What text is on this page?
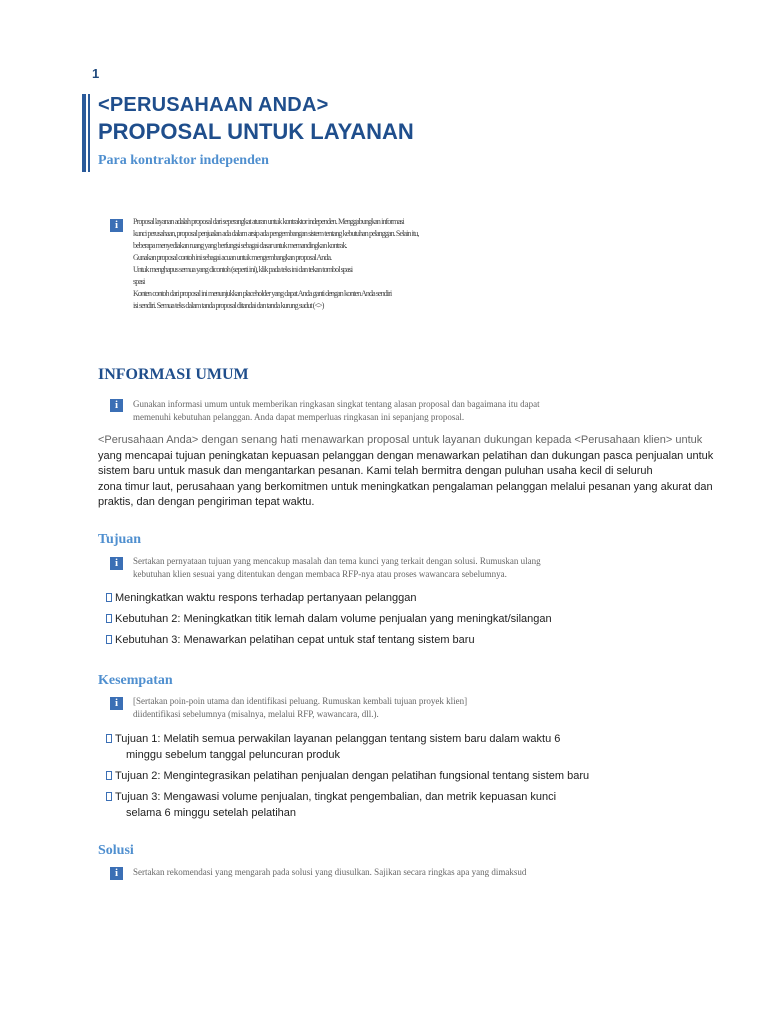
1
<PERUSAHAAN ANDA>
PROPOSAL UNTUK LAYANAN
Para kontraktor independen
i	Proposal layanan adalah proposal dari seperangkat aturan untuk kontraktor independen. Menggabungkan informasi
kunci perusahaan, proposal penjualan ada dalam arsip ada pengembangan sistem tentang kebutuhan pelanggan. Selain itu,
beberapa menyediakan ruang yang berfungsi sebagai dasar untuk memandingkan kontrak.
Gunakan proposal contoh ini sebagai acuan untuk mengembangkan proposal Anda.
Untuk menghapus semua yang dicontoh (seperti ini), klik pada teks ini dan tekan tombol spasi
spasi
Konten contoh dari proposal ini menunjukkan placeholder yang dapat Anda ganti dengan konten Anda sendiri
isi sendiri. Semua teks dalam tanda proposal ditandai dan tanda kurung sudut (<>)
INFORMASI UMUM
i	Gunakan informasi umum untuk memberikan ringkasan singkat tentang alasan proposal dan bagaimana itu dapat
memenuhi kebutuhan pelanggan. Anda dapat memperluas ringkasan ini sepanjang proposal.
<Perusahaan Anda> dengan senang hati menawarkan proposal untuk layanan dukungan kepada <Perusahaan klien> untuk
yang mencapai tujuan peningkatan kepuasan pelanggan dengan menawarkan pelatihan dan dukungan pasca penjualan untuk
sistem baru untuk masuk dan mengantarkan pesanan. Kami telah bermitra dengan puluhan usaha kecil di seluruh
zona timur laut, perusahaan yang berkomitmen untuk meningkatkan pengalaman pelanggan melalui pesanan yang akurat dan
praktis, dan dengan pengiriman tepat waktu.
Tujuan
i	Sertakan pernyataan tujuan yang mencakup masalah dan tema kunci yang terkait dengan solusi. Rumuskan ulang
kebutuhan klien sesuai yang ditentukan dengan membaca RFP-nya atau proses wawancara sebelumnya.
Meningkatkan waktu respons terhadap pertanyaan pelanggan
Kebutuhan 2: Meningkatkan titik lemah dalam volume penjualan yang meningkat/silangan
Kebutuhan 3: Menawarkan pelatihan cepat untuk staf tentang sistem baru
Kesempatan
i	[Sertakan poin-poin utama dan identifikasi peluang. Rumuskan kembali tujuan proyek klien]
diidentifikasi sebelumnya (misalnya, melalui RFP, wawancara, dll.).
Tujuan 1: Melatih semua perwakilan layanan pelanggan tentang sistem baru dalam waktu 6
minggu sebelum tanggal peluncuran produk
Tujuan 2: Mengintegrasikan pelatihan penjualan dengan pelatihan fungsional tentang sistem baru
Tujuan 3: Mengawasi volume penjualan, tingkat pengembalian, dan metrik kepuasan kunci
selama 6 minggu setelah pelatihan
Solusi
i	Sertakan rekomendasi yang mengarah pada solusi yang diusulkan. Sajikan secara ringkas apa yang dimaksud
